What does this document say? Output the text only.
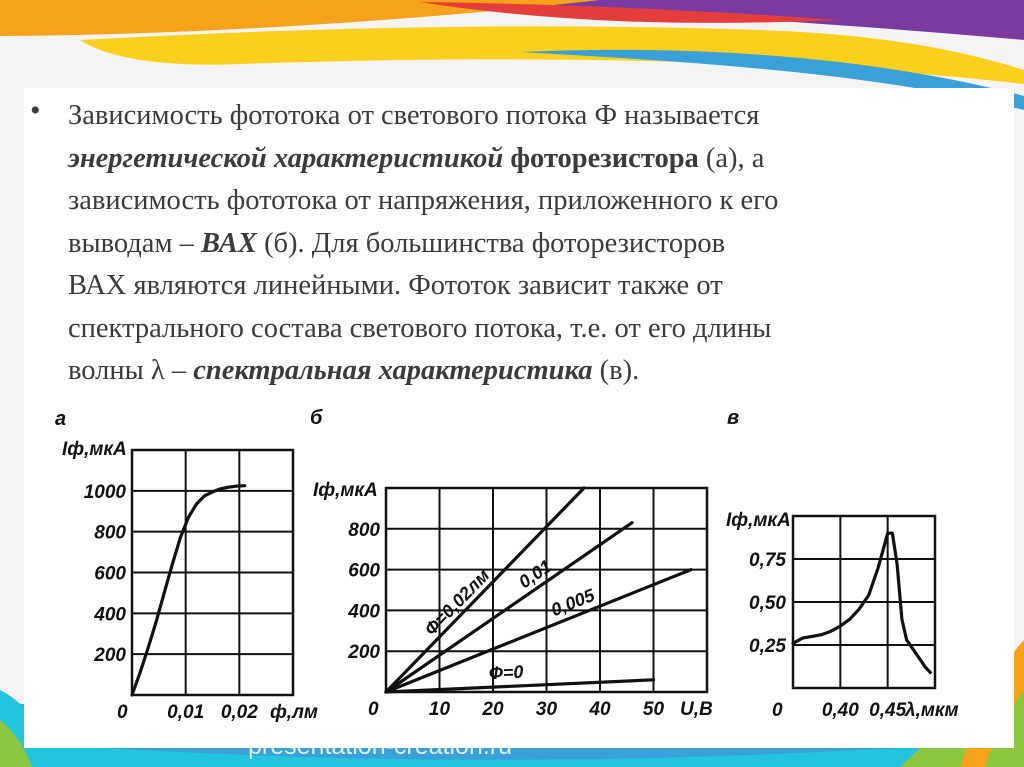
• Зависимость фототока от светового потока Ф называется
энергетической характеристикой фоторезистора (а), а
зависимость фототока от напряжения, приложенного к его
выводам – ВАХ (б). Для большинства фоторезисторов
ВАХ являются линейными. Фототок зависит также от
спектрального состава светового потока, т.е. от его длины
волны λ – спектральная характеристика (в).
0,01 0,02
200
400
600
800
1000
а
Iф,мкА
ф,лм
0	10 20 30 40 50
200
400
600
800
б
Iф,мкА
U,В
0
Ф=0,02лм 0,01
0,005
Ф=0
0,40 0,45
0,25
0,50
0,75
в
Iф,мкА
λ,мкм
0
presentation-creation.ru
